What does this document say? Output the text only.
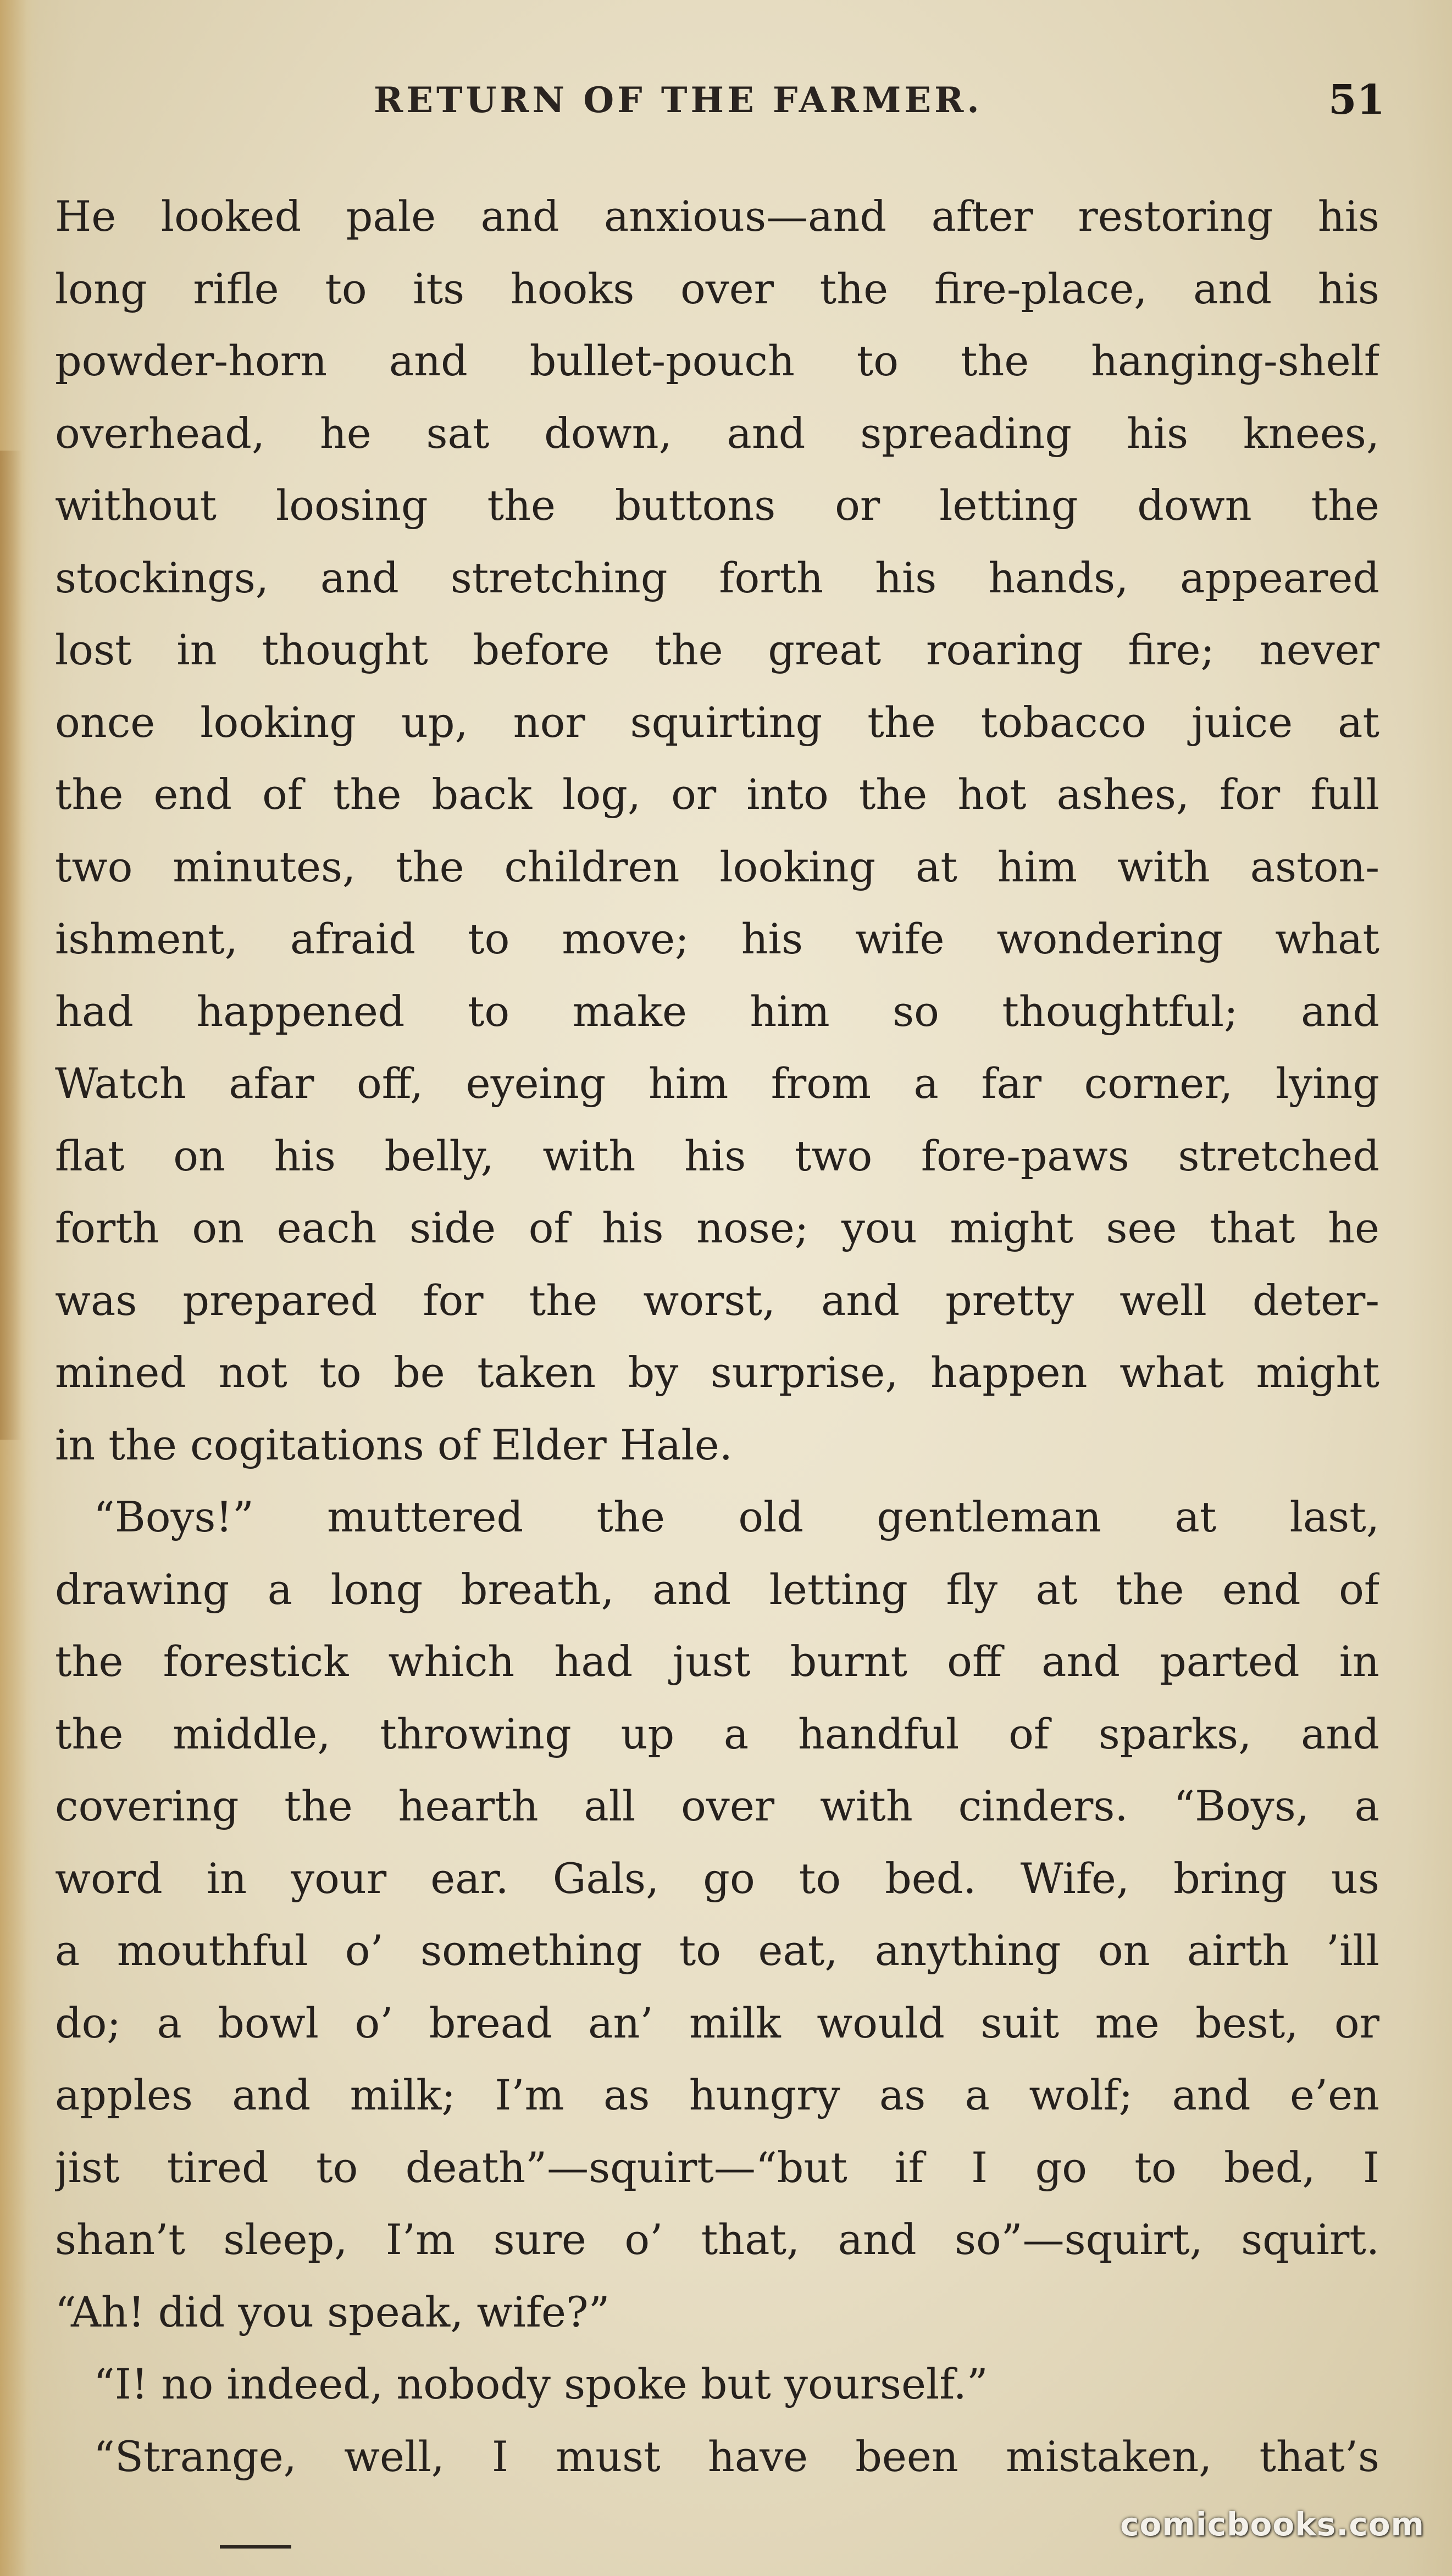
RETURN OF THE FARMER.	51
He looked pale and anxious—and after restoring his
long rifle to its hooks over the fire-place, and his
powder-horn and bullet-pouch to the hanging-shelf
overhead, he sat down, and spreading his knees,
without loosing the buttons or letting down the
stockings, and stretching forth his hands, appeared
lost in thought before the great roaring fire; never
once looking up, nor squirting the tobacco juice at
the end of the back log, or into the hot ashes, for full
two minutes, the children looking at him with aston-
ishment, afraid to move; his wife wondering what
had happened to make him so thoughtful; and
Watch afar off, eyeing him from a far corner, lying
flat on his belly, with his two fore-paws stretched
forth on each side of his nose; you might see that he
was prepared for the worst, and pretty well deter-
mined not to be taken by surprise, happen what might
in the cogitations of Elder Hale.
“Boys!” muttered the old gentleman at last,
drawing a long breath, and letting fly at the end of
the forestick which had just burnt off and parted in
the middle, throwing up a handful of sparks, and
covering the hearth all over with cinders. “Boys, a
word in your ear. Gals, go to bed. Wife, bring us
a mouthful o’ something to eat, anything on airth ’ill
do; a bowl o’ bread an’ milk would suit me best, or
apples and milk; I’m as hungry as a wolf; and e’en
jist tired to death”—squirt—“but if I go to bed, I
shan’t sleep, I’m sure o’ that, and so”—squirt, squirt.
“Ah! did you speak, wife?”
“I! no indeed, nobody spoke but yourself.”
“Strange, well, I must have been mistaken, that’s
comicbooks.com
